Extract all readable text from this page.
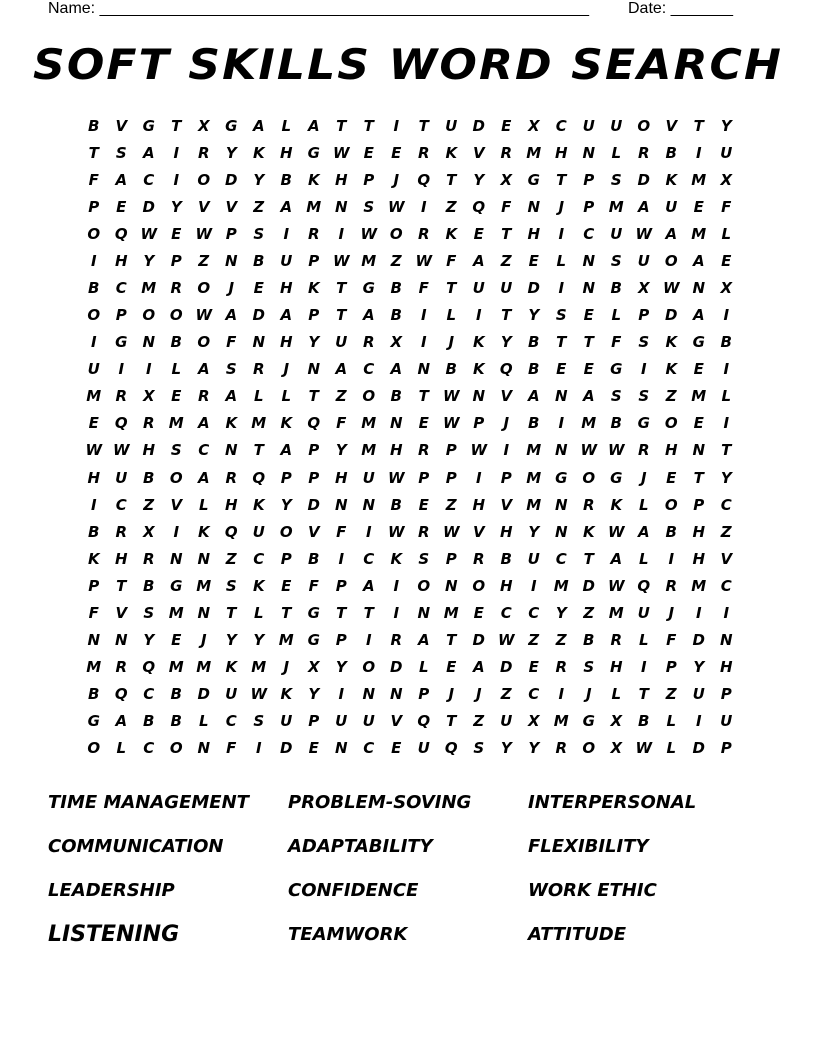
Name: _______________________________________________________ Date: _______
SOFT SKILLS WORD SEARCH
B	V	G	T	X	G	A	L	A	T	T	I	T	U	D	E	X	C	U	U	O	V	T	Y
T	S	A	I	R	Y	K	H	G W E	E	R	K	V	R M H N	L	R	B	I	U
F	A	C	I	O D	Y	B	K	H	P	J	Q	T	Y	X	G	T	P	S	D	K M X
P	E	D	Y	V	V	Z	A M N	S W	I	Z	Q	F	N	J	P M A	U	E	F
O Q W E W P	S	I	R	I	W O	R	K	E	T	H	I	C	U W A M	L
I	H	Y	P	Z	N	B	U	P W M Z W F	A	Z	E	L	N	S	U	O	A	E
B	C M R	O	J	E	H	K	T	G	B	F	T	U	U	D	I	N	B	X W N	X
O	P	O O W A	D	A	P	T	A	B	I	L	I	T	Y	S	E	L	P	D	A	I
I	G	N	B	O	F	N H	Y	U	R	X	I	J	K	Y	B	T	T	F	S	K	G	B
U	I	I	L	A	S	R	J	N	A	C	A	N	B	K	Q	B	E	E	G	I	K	E	I
M R	X	E	R	A	L	L	T	Z	O	B	T W N	V	A	N	A	S	S	Z M	L
E	Q	R M A	K M K	Q	F M N	E W P	J	B	I	M B	G O	E	I
W W H	S	C	N	T	A	P	Y M H	R	P W	I	M N W W R	H N	T
H	U	B	O	A	R	Q	P	P	H	U W P	P	I	P M G O G	J	E	T	Y
I	C	Z	V	L	H	K	Y	D	N N	B	E	Z	H	V M N	R	K	L	O	P	C
B	R	X	I	K	Q	U	O	V	F	I	W R W V	H	Y	N	K W A	B	H	Z
K	H	R	N N	Z	C	P	B	I	C	K	S	P	R	B	U	C	T	A	L	I	H	V
P	T	B	G M S	K	E	F	P	A	I	O N O H	I	M D W Q	R M C
F	V	S M N	T	L	T	G	T	T	I	N M E	C	C	Y	Z M U	J	I	I
N N	Y	E	J	Y	Y M G	P	I	R	A	T	D W Z	Z	B	R	L	F	D	N
M R	Q M M K M	J	X	Y	O D	L	E	A	D	E	R	S	H	I	P	Y	H
B	Q	C	B	D	U W K	Y	I	N N	P	J	J	Z	C	I	J	L	T	Z	U	P
G	A	B	B	L	C	S	U	P	U	U	V	Q	T	Z	U	X M G	X	B	L	I	U
O	L	C	O N	F	I	D	E	N	C	E	U	Q	S	Y	Y	R	O	X W L	D	P
TIME MANAGEMENT	PROBLEM-SOVING	INTERPERSONAL
COMMUNICATION	ADAPTABILITY	FLEXIBILITY
LEADERSHIP	CONFIDENCE	WORK ETHIC
LISTENING	TEAMWORK	ATTITUDE
